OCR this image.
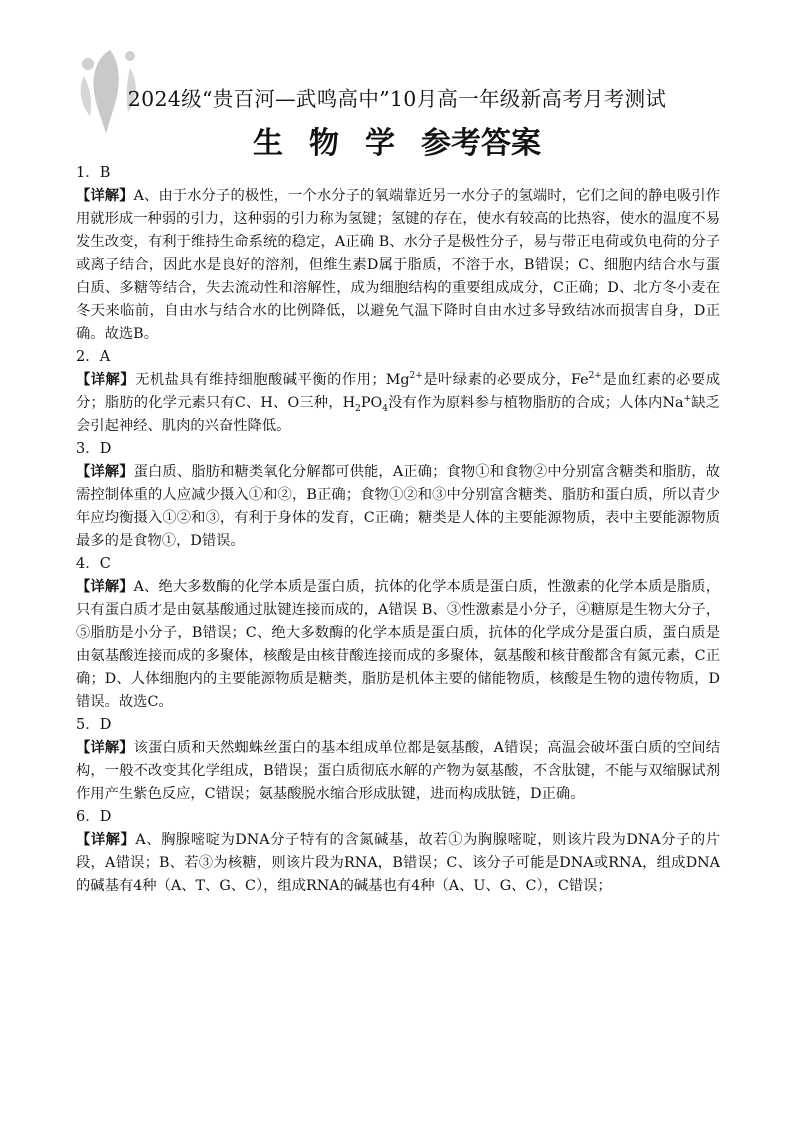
2024级“贵百河—武鸣高中”10月高一年级新高考月考测试
生 物 学 参考答案
1．B

【详解】A、由于水分子的极性，一个水分子的氧端靠近另一水分子的氢端时，它们之间的静电吸引作用就形成一种弱的引力，这种弱的引力称为氢键；氢键的存在，使水有较高的比热容，使水的温度不易发生改变，有利于维持生命系统的稳定，A正确 B、水分子是极性分子，易与带正电荷或负电荷的分子或离子结合，因此水是良好的溶剂，但维生素D属于脂质，不溶于水，B错误；C、细胞内结合水与蛋白质、多糖等结合，失去流动性和溶解性，成为细胞结构的重要组成成分，C正确；D、北方冬小麦在冬天来临前，自由水与结合水的比例降低，以避免气温下降时自由水过多导致结冰而损害自身，D正确。故选B。

2．A

【详解】无机盐具有维持细胞酸碱平衡的作用；$Mg^{2+}$是叶绿素的必要成分，$Fe^{2+}$是血红素的必要成分；脂肪的化学元素只有C、H、O三种，$H_2PO_4$没有作为原料参与植物脂肪的合成；人体内Na+缺乏会引起神经、肌肉的兴奋性降低。

3．D

【详解】蛋白质、脂肪和糖类氧化分解都可供能，A正确；食物①和食物②中分别富含糖类和脂肪，故需控制体重的人应减少摄入①和②，B正确；食物①②和③中分别富含糖类、脂肪和蛋白质，所以青少年应均衡摄入①②和③，有利于身体的发育，C正确；糖类是人体的主要能源物质，表中主要能源物质最多的是食物①，D错误。

4．C

【详解】A、绝大多数酶的化学本质是蛋白质，抗体的化学本质是蛋白质，性激素的化学本质是脂质，只有蛋白质才是由氨基酸通过肽键连接而成的，A错误 B、③性激素是小分子，④糖原是生物大分子，⑤脂肪是小分子，B错误；C、绝大多数酶的化学本质是蛋白质，抗体的化学成分是蛋白质，蛋白质是由氨基酸连接而成的多聚体，核酸是由核苷酸连接而成的多聚体，氨基酸和核苷酸都含有氮元素，C正确；D、人体细胞内的主要能源物质是糖类，脂肪是机体主要的储能物质，核酸是生物的遗传物质，D错误。故选C。

5．D

【详解】该蛋白质和天然蜘蛛丝蛋白的基本组成单位都是氨基酸，A错误；高温会破坏蛋白质的空间结构，一般不改变其化学组成，B错误；蛋白质彻底水解的产物为氨基酸，不含肽键，不能与双缩脲试剂作用产生紫色反应，C错误；氨基酸脱水缩合形成肽键，进而构成肽链，D正确。

6．D

【详解】A、胸腺嘧啶为DNA分子特有的含氮碱基，故若①为胸腺嘧啶，则该片段为DNA分子的片段，A错误；B、若③为核糖，则该片段为RNA，B错误；C、该分子可能是DNA或RNA，组成DNA的碱基有4种（A、T、G、C），组成RNA的碱基也有4种（A、U、G、C），C错误；
